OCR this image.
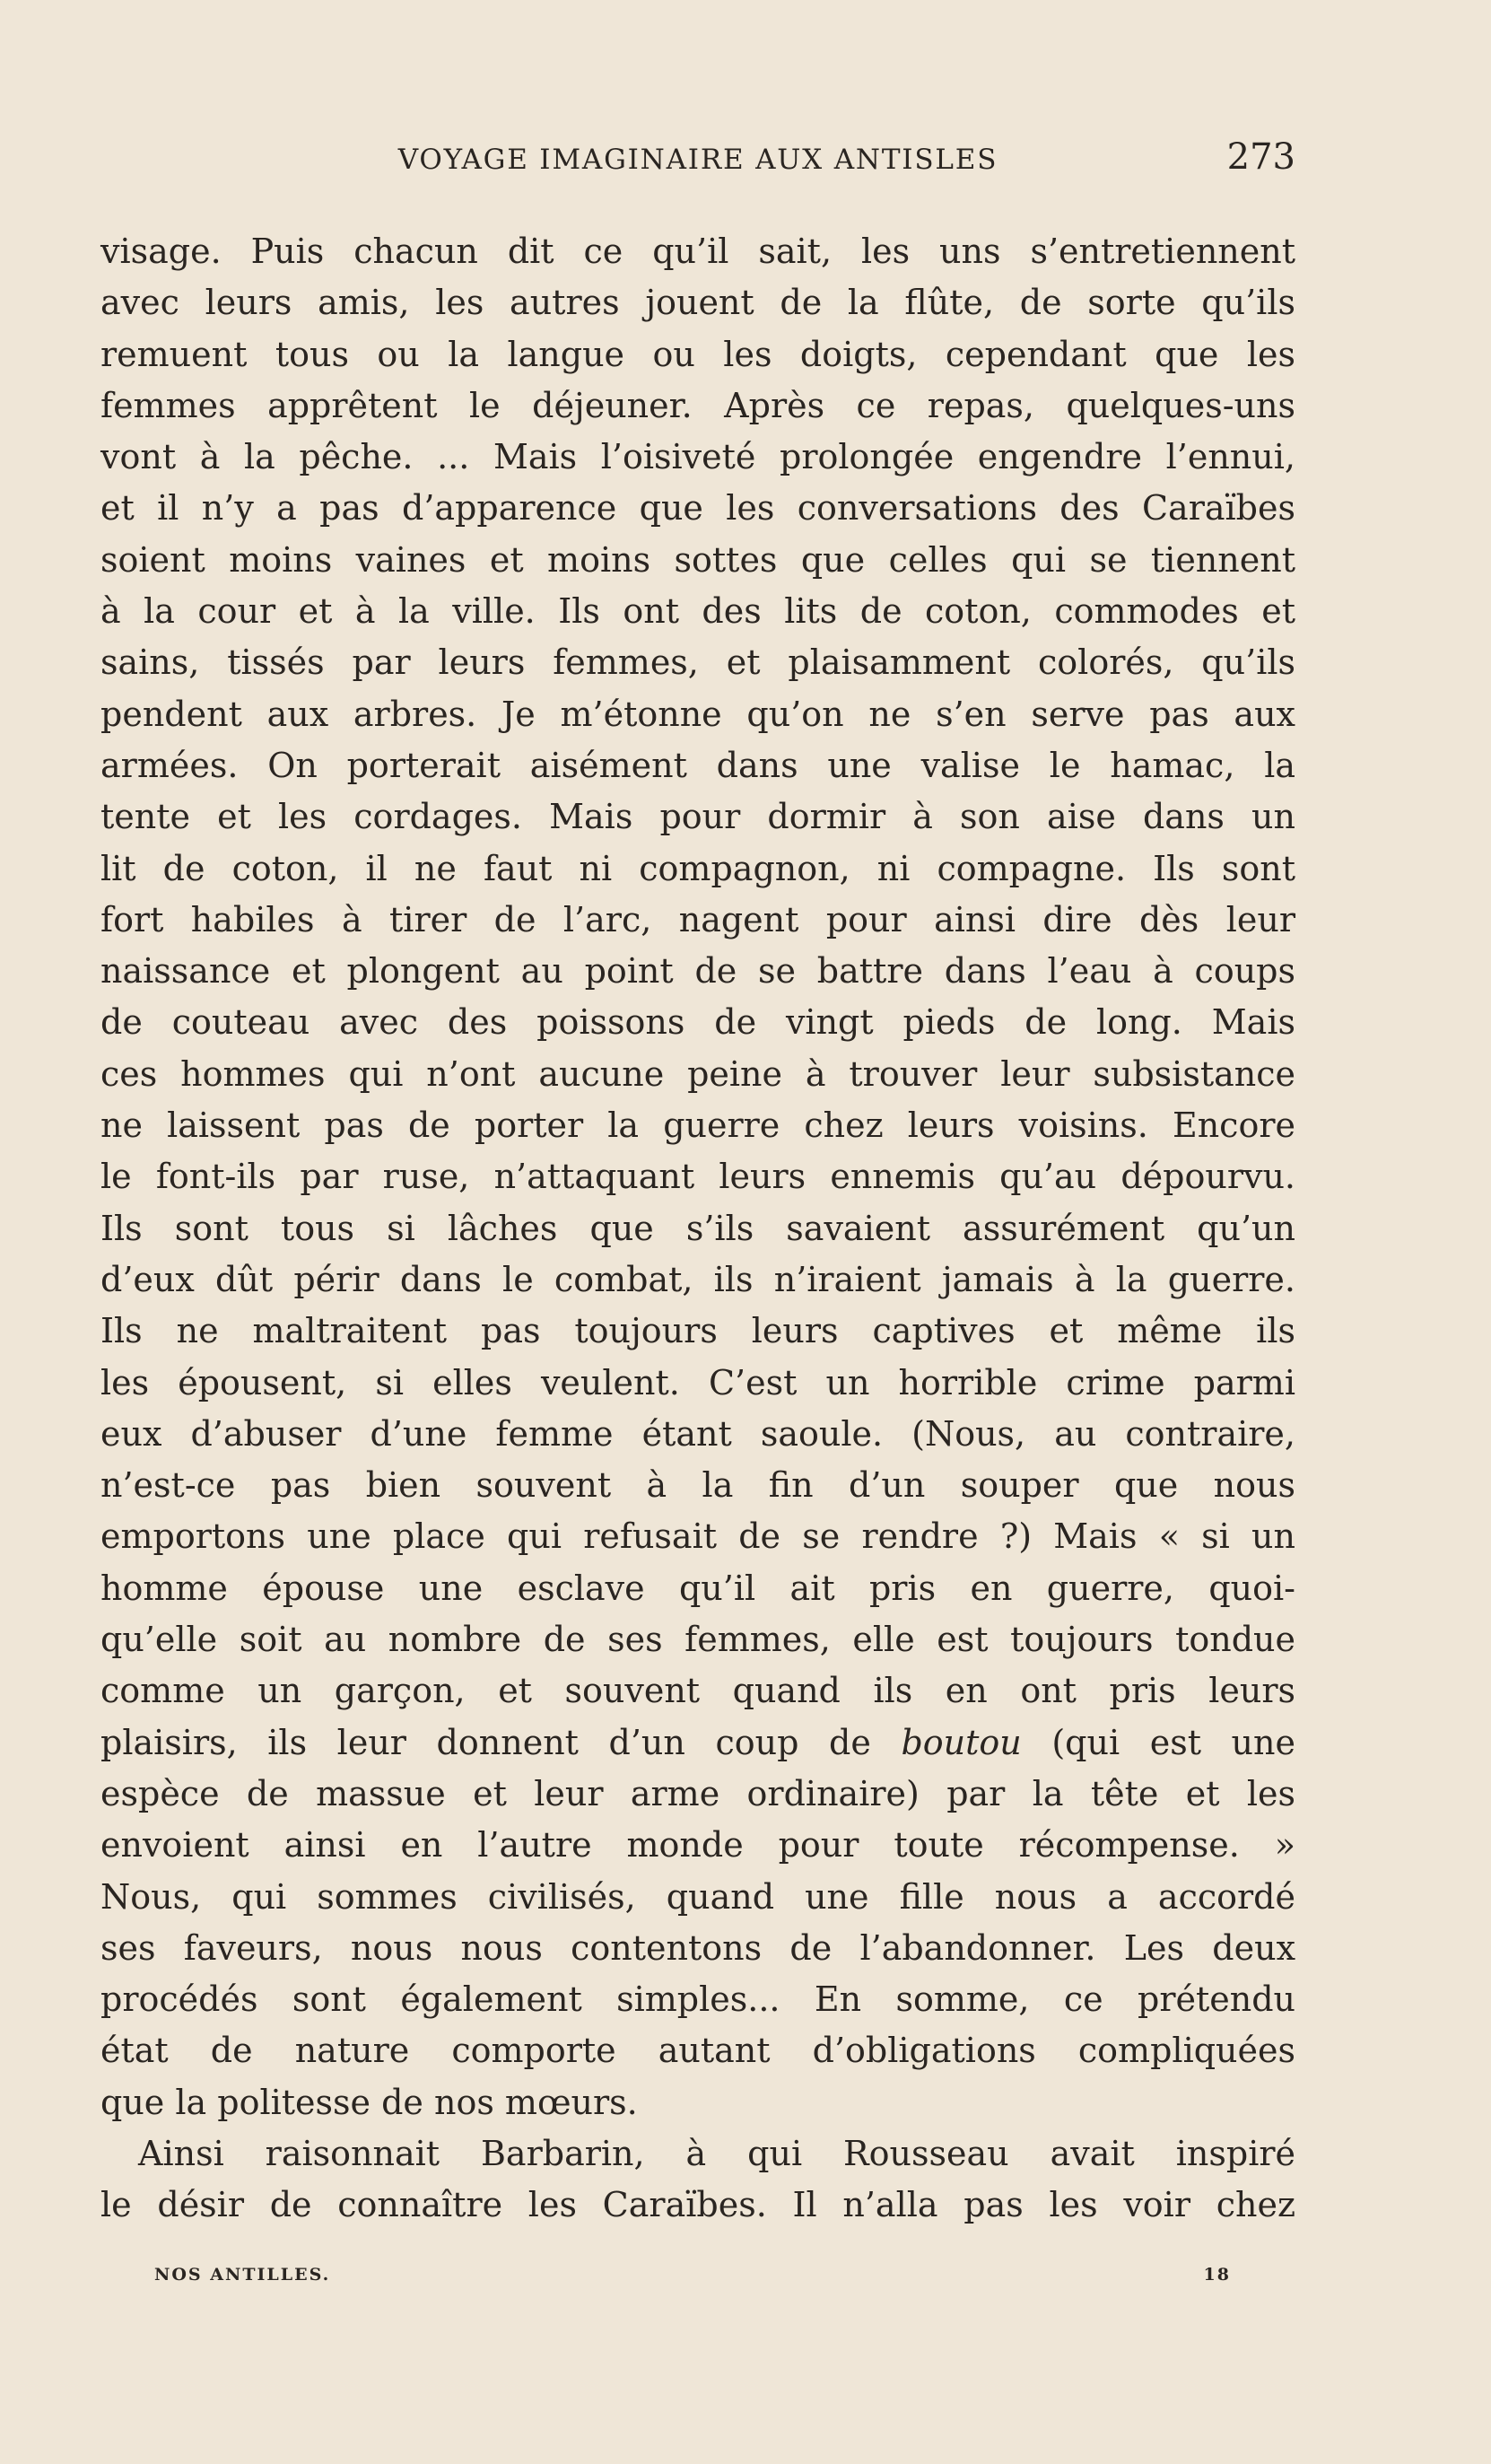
VOYAGE IMAGINAIRE AUX ANTISLES	273
visage. Puis chacun dit ce qu’il sait, les uns s’entretiennent
avec leurs amis, les autres jouent de la flûte, de sorte qu’ils
remuent tous ou la langue ou les doigts, cependant que les
femmes apprêtent le déjeuner. Après ce repas, quelques-uns
vont à la pêche. ... Mais l’oisiveté prolongée engendre l’ennui,
et il n’y a pas d’apparence que les conversations des Caraïbes
soient moins vaines et moins sottes que celles qui se tiennent
à la cour et à la ville. Ils ont des lits de coton, commodes et
sains, tissés par leurs femmes, et plaisamment colorés, qu’ils
pendent aux arbres. Je m’étonne qu’on ne s’en serve pas aux
armées. On porterait aisément dans une valise le hamac, la
tente et les cordages. Mais pour dormir à son aise dans un
lit de coton, il ne faut ni compagnon, ni compagne. Ils sont
fort habiles à tirer de l’arc, nagent pour ainsi dire dès leur
naissance et plongent au point de se battre dans l’eau à coups
de couteau avec des poissons de vingt pieds de long. Mais
ces hommes qui n’ont aucune peine à trouver leur subsistance
ne laissent pas de porter la guerre chez leurs voisins. Encore
le font-ils par ruse, n’attaquant leurs ennemis qu’au dépourvu.
Ils sont tous si lâches que s’ils savaient assurément qu’un
d’eux dût périr dans le combat, ils n’iraient jamais à la guerre.
Ils ne maltraitent pas toujours leurs captives et même ils
les épousent, si elles veulent. C’est un horrible crime parmi
eux d’abuser d’une femme étant saoule. (Nous, au contraire,
n’est-ce pas bien souvent à la fin d’un souper que nous
emportons une place qui refusait de se rendre ?) Mais « si un
homme épouse une esclave qu’il ait pris en guerre, quoi-
qu’elle soit au nombre de ses femmes, elle est toujours tondue
comme un garçon, et souvent quand ils en ont pris leurs
plaisirs, ils leur donnent d’un coup de boutou (qui est une
espèce de massue et leur arme ordinaire) par la tête et les
envoient ainsi en l’autre monde pour toute récompense. »
Nous, qui sommes civilisés, quand une fille nous a accordé
ses faveurs, nous nous contentons de l’abandonner. Les deux
procédés sont également simples... En somme, ce prétendu
état de nature comporte autant d’obligations compliquées
que la politesse de nos mœurs.
Ainsi raisonnait Barbarin, à qui Rousseau avait inspiré
le désir de connaître les Caraïbes. Il n’alla pas les voir chez
NOS ANTILLES.	18
